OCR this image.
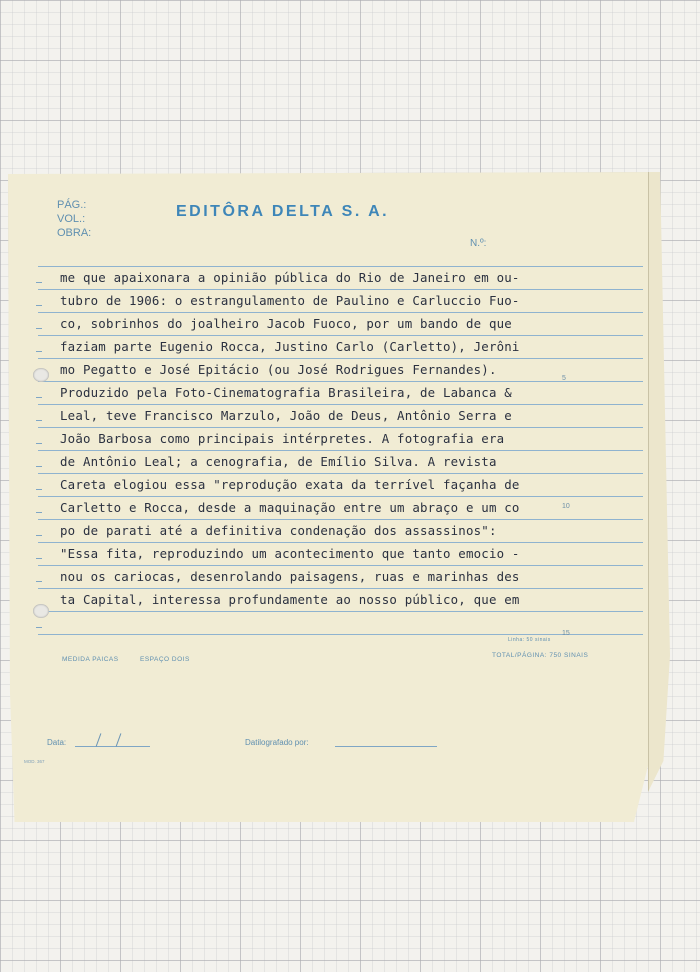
PÁG.:
VOL.:
OBRA:
EDITÔRA DELTA S. A.
N.º:
me que apaixonara a opinião pública do Rio de Janeiro em ou-
tubro de 1906: o estrangulamento de Paulino e Carluccio Fuo-
co, sobrinhos do joalheiro Jacob Fuoco, por um bando de que
faziam parte Eugenio Rocca, Justino Carlo (Carletto), Jerôni
mo Pegatto e José Epitácio (ou José Rodrigues Fernandes).
Produzido pela Foto-Cinematografia Brasileira, de Labanca &
Leal, teve Francisco Marzulo, João de Deus, Antônio Serra e
João Barbosa como principais intérpretes. A fotografia era
de Antônio Leal; a cenografia, de Emílio Silva. A revista
Careta elogiou essa "reprodução exata da terrível façanha de
Carletto e Rocca, desde a maquinação entre um abraço e um co
po de parati até a definitiva condenação dos assassinos":
"Essa fita, reproduzindo um acontecimento que tanto emocio -
nou os cariocas, desenrolando paisagens, ruas e marinhas des
ta Capital, interessa profundamente ao nosso público, que em
5
10
15
Linha: 50 sinais
MEDIDA PAICAS	ESPAÇO DOIS
TOTAL/PÁGINA: 750 SINAIS
Data:	Datilografado por:
MOD. 367
